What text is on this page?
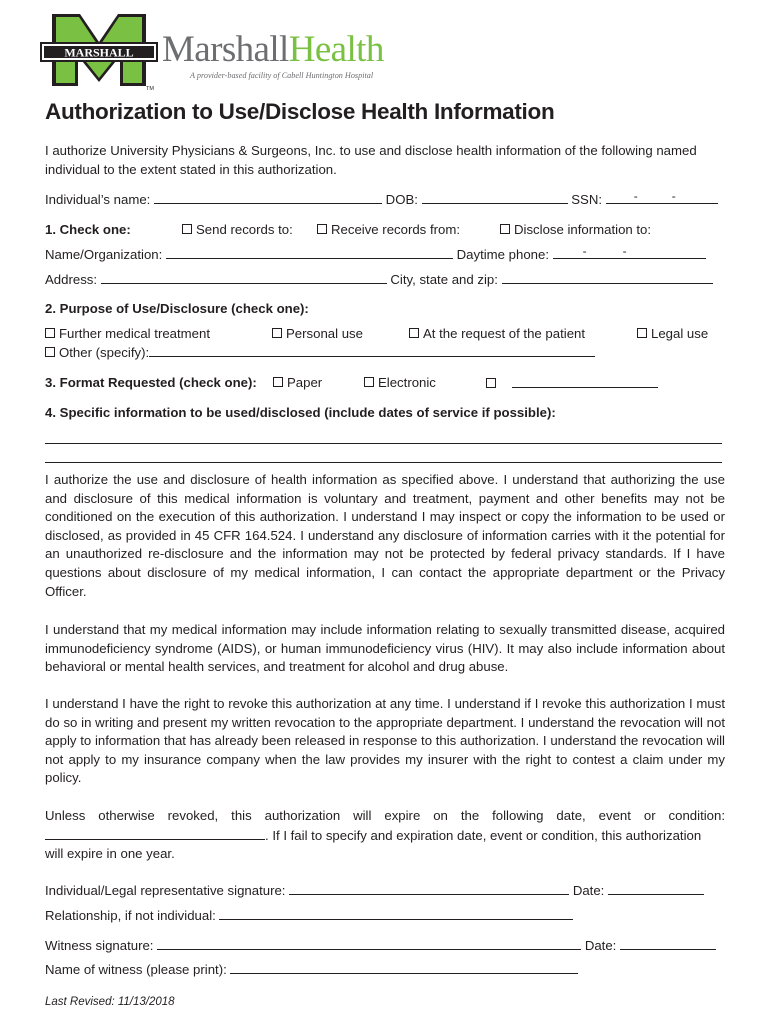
MARSHALL
TM
MarshallHealth
A provider-based facility of Cabell Huntington Hospital
Authorization to Use/Disclose Health Information
I authorize University Physicians & Surgeons, Inc. to use and disclose health information of the following named individual to the extent stated in this authorization.
Individual’s name:	DOB:	SSN:	-	-
1. Check one:	Send records to:	Receive records from:	Disclose information to:
Name/Organization:	Daytime phone:	-	-
Address:	City, state and zip:
2. Purpose of Use/Disclosure (check one):
Further medical treatment	Personal use	At the request of the patient	Legal use
Other (specify):
3. Format Requested (check one):	Paper	Electronic
4. Specific information to be used/disclosed (include dates of service if possible):
I authorize the use and disclosure of health information as specified above. I understand that authorizing the use and disclosure of this medical information is voluntary and treatment, payment and other benefits may not be conditioned on the execution of this authorization. I understand I may inspect or copy the information to be used or disclosed, as provided in 45 CFR 164.524. I understand any disclosure of information carries with it the potential for an unauthorized re-disclosure and the information may not be protected by federal privacy standards. If I have questions about disclosure of my medical information, I can contact the appropriate department or the Privacy Officer.
I understand that my medical information may include information relating to sexually transmitted disease, acquired immunodeficiency syndrome (AIDS), or human immunodeficiency virus (HIV). It may also include information about behavioral or mental health services, and treatment for alcohol and drug abuse.
I understand I have the right to revoke this authorization at any time. I understand if I revoke this authorization I must do so in writing and present my written revocation to the appropriate department. I understand the revocation will not apply to information that has already been released in response to this authorization. I understand the revocation will not apply to my insurance company when the law provides my insurer with the right to contest a claim under my policy.
Unless otherwise revoked, this authorization will expire on the following date, event or condition:
. If I fail to specify and expiration date, event or condition, this authorization
will expire in one year.
Individual/Legal representative signature:	Date:
Relationship, if not individual:
Witness signature:	Date:
Name of witness (please print):
Last Revised: 11/13/2018
